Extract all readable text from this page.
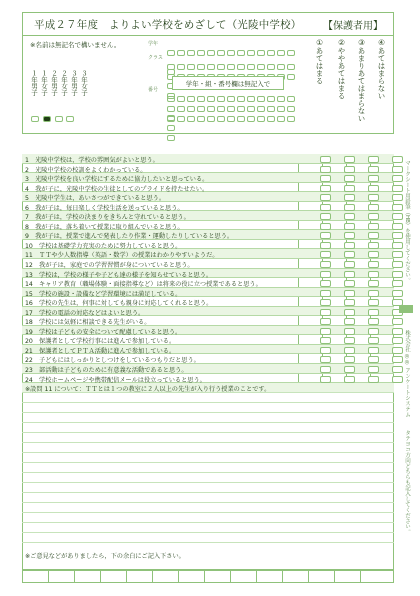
平成２７年度　よりよい学校をめざして（光陵中学校） 【保護者用】
※名前は無記名で構いません。
１年男子 １年女子 ２年男子 ２年女子 ３年男子 ３年女子
学年
クラス
番号
学年・組・番号欄は無記入で	①あてはまる ②ややあてはまる ③あまりあてはまらない ④あてはまらない

1　光陵中学校は，学校の雰囲気がよいと思う。
2　光陵中学校の校訓をよくわかっている。
3　光陵中学校を良い学校にするために協力したいと思っている。
4　我が子に，光陵中学校の生徒としてのプライドを持たせたい。
5　光陵中学生は，あいさつができていると思う。
6　我が子は，毎日楽しく学校生活を送っていると思う。
7　我が子は，学校の決まりをきちんと守れていると思う。
8　我が子は，落ち着いて授業に取り組んでいると思う。
9　我が子は，授業で進んで発表したり作業・運動したりしていると思う。
10　学校は基礎学力充実のために努力していると思う。
11　ＴＴや少人数指導（英語・数学）の授業はわかりやすいようだ。
12　我が子は，家庭での学習習慣が身についていると思う。
13　学校は，学校の様子や子ども達の様子を知らせていると思う。
14　キャリア教育（職場体験・面接指導など）は将来の役に立つ授業であると思う。
15　学校の施設・設備など学習環境には満足している。
16　学校の先生は，何事に対しても親身に対応してくれると思う。
17　学校の電話の対応などはよいと思う。
18　学校には気軽に相談できる先生がいる。
19　学校は子どもの安全について配慮していると思う。
20　保護者として学校行事には進んで参加している。
21　保護者としてＰＴＡ活動に進んで参加している。
22　子どもにはしっかりとしつけをしているつもりだと思う。
23　部活動は子どものために有意義な活動であると思う。
24　学校ホームページや携帯配信メールは役立っていると思う。
※設問 11 について：ＴＴとは１つの教室に２人以上の先生が入り行う授業のことです。
※ご意見などがありましたら，下の余白にご記入下さい。
マークシート用鉛筆（HB）を使用してください。
株式会社 ◎◎ アンケートシステム
タテヨコ方向どちらも記入してください。
